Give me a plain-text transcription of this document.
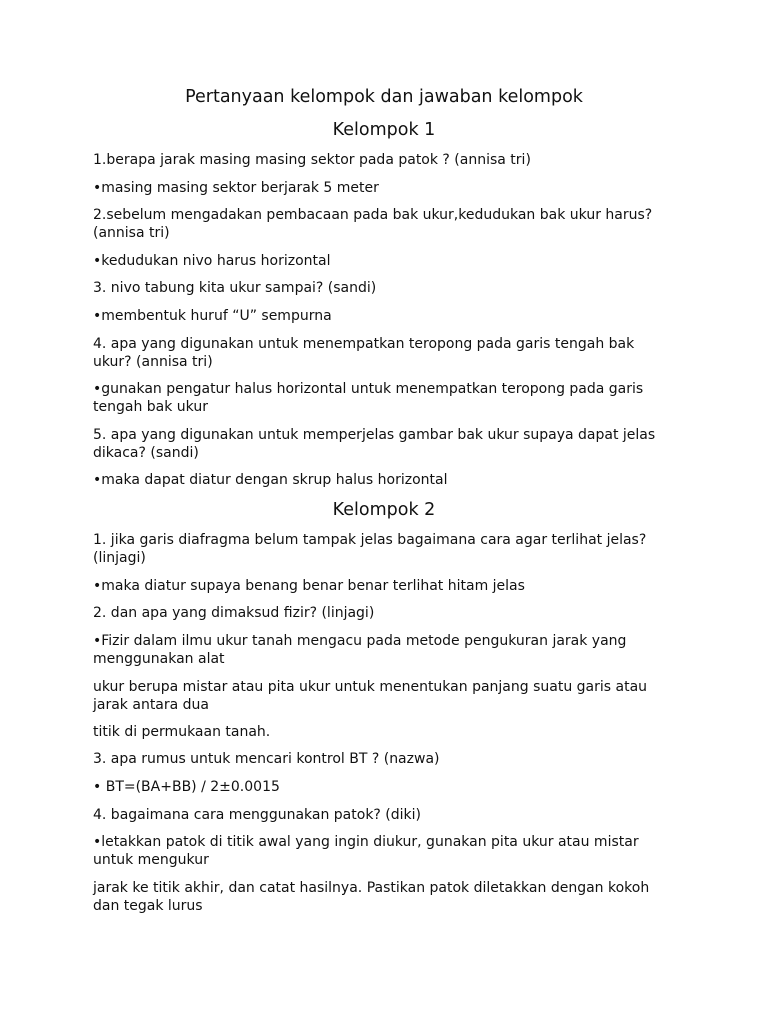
Pertanyaan kelompok dan jawaban kelompok
Kelompok 1

1.berapa jarak masing masing sektor pada patok ? (annisa tri)

•masing masing sektor berjarak 5 meter

2.sebelum mengadakan pembacaan pada bak ukur,kedudukan bak ukur harus? (annisa tri)

•kedudukan nivo harus horizontal

3. nivo tabung kita ukur sampai? (sandi)

•membentuk huruf “U” sempurna

4. apa yang digunakan untuk menempatkan teropong pada garis tengah bak ukur? (annisa tri)

•gunakan pengatur halus horizontal untuk menempatkan teropong pada garis tengah bak ukur

5. apa yang digunakan untuk memperjelas gambar bak ukur supaya dapat jelas dikaca? (sandi)

•maka dapat diatur dengan skrup halus horizontal

Kelompok 2

1. jika garis diafragma belum tampak jelas bagaimana cara agar terlihat jelas? (linjagi)

•maka diatur supaya benang benar benar terlihat hitam jelas

2. dan apa yang dimaksud fizir? (linjagi)

•Fizir dalam ilmu ukur tanah mengacu pada metode pengukuran jarak yang menggunakan alat

ukur berupa mistar atau pita ukur untuk menentukan panjang suatu garis atau jarak antara dua

titik di permukaan tanah.

3. apa rumus untuk mencari kontrol BT ? (nazwa)

• BT=(BA+BB) / 2±0.0015

4. bagaimana cara menggunakan patok? (diki)

•letakkan patok di titik awal yang ingin diukur, gunakan pita ukur atau mistar untuk mengukur

jarak ke titik akhir, dan catat hasilnya. Pastikan patok diletakkan dengan kokoh dan tegak lurus
